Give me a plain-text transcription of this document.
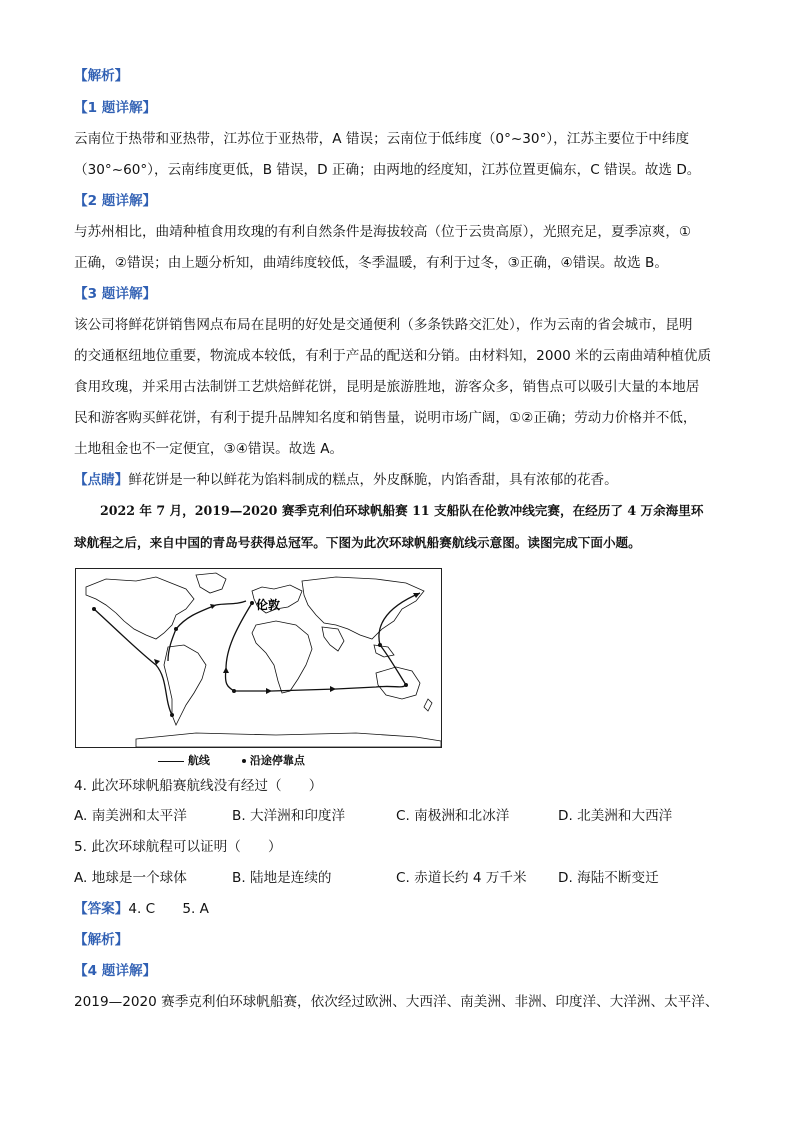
【解析】
【1 题详解】
云南位于热带和亚热带，江苏位于亚热带，A 错误；云南位于低纬度（0°~30°），江苏主要位于中纬度
（30°~60°），云南纬度更低，B 错误，D 正确；由两地的经度知，江苏位置更偏东，C 错误。故选 D。
【2 题详解】
与苏州相比，曲靖种植食用玫瑰的有利自然条件是海拔较高（位于云贵高原），光照充足，夏季凉爽，①
正确，②错误；由上题分析知，曲靖纬度较低，冬季温暖，有利于过冬，③正确，④错误。故选 B。
【3 题详解】
该公司将鲜花饼销售网点布局在昆明的好处是交通便利（多条铁路交汇处），作为云南的省会城市，昆明
的交通枢纽地位重要，物流成本较低，有利于产品的配送和分销。由材料知，2000 米的云南曲靖种植优质
食用玫瑰，并采用古法制饼工艺烘焙鲜花饼，昆明是旅游胜地，游客众多，销售点可以吸引大量的本地居
民和游客购买鲜花饼，有利于提升品牌知名度和销售量，说明市场广阔，①②正确；劳动力价格并不低，
土地租金也不一定便宜，③④错误。故选 A。
【点睛】鲜花饼是一种以鲜花为馅料制成的糕点，外皮酥脆，内馅香甜，具有浓郁的花香。
2022 年 7 月，2019—2020 赛季克利伯环球帆船赛 11 支船队在伦敦冲线完赛，在经历了 4 万余海里环
球航程之后，来自中国的青岛号获得总冠军。下图为此次环球帆船赛航线示意图。读图完成下面小题。
伦敦
航线	沿途停靠点
4. 此次环球帆船赛航线没有经过（　　）
A. 南美洲和太平洋	B. 大洋洲和印度洋	C. 南极洲和北冰洋	D. 北美洲和大西洋
5. 此次环球航程可以证明（　　）
A. 地球是一个球体	B. 陆地是连续的	C. 赤道长约 4 万千米 D. 海陆不断变迁
【答案】4. C　　5. A
【解析】
【4 题详解】
2019—2020 赛季克利伯环球帆船赛，依次经过欧洲、大西洋、南美洲、非洲、印度洋、大洋洲、太平洋、
